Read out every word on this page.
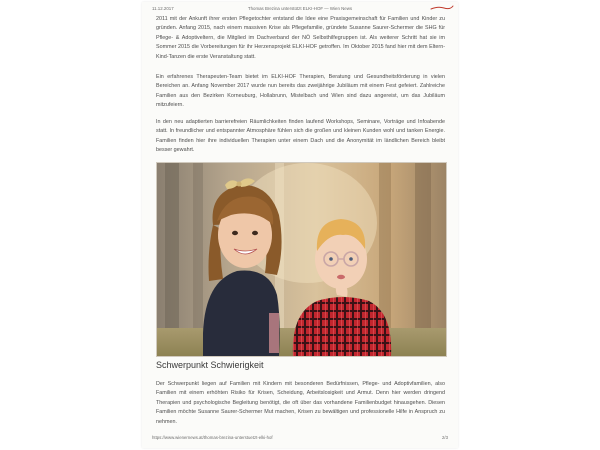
11.12.2017	Thomas Brezina unterstützt ELKI-HOF — Wien News

2011 mit der Ankunft ihrer ersten Pflegetochter entstand die Idee eine Praxisgemeinschaft für Familien und Kinder zu gründen. Anfang 2015, nach einem massiven Krise als Pflegefamilie, gründete Susanne Saurer-Schermer die SHG für Pflege- & Adoptiveltern, die Mitglied im Dachverband der NÖ Selbsthilfegruppen ist. Als weiterer Schritt hat sie im Sommer 2015 die Vorbereitungen für ihr Herzensprojekt ELKI-HOF getroffen. Im Oktober 2015 fand hier mit dem Eltern-Kind-Tanzen die erste Veranstaltung statt.

Ein erfahrenes Therapeuten-Team bietet im ELKI-HOF Therapien, Beratung und Gesundheitsförderung in vielen Bereichen an. Anfang November 2017 wurde nun bereits das zweijährige Jubiläum mit einem Fest gefeiert. Zahlreiche Familien aus den Bezirken Korneuburg, Hollabrunn, Mistelbach und Wien sind dazu angereist, um das Jubiläum mitzufeiern.

In den neu adaptierten barrierefreien Räumlichkeiten finden laufend Workshops, Seminare, Vorträge und Infoabende statt. In freundlicher und entspannter Atmosphäre fühlen sich die großen und kleinen Kunden wohl und tanken Energie. Familien finden hier ihre individuellen Therapien unter einem Dach und die Anonymität im ländlichen Bereich bleibt besser gewahrt.

Schwerpunkt Schwierigkeit

Der Schwerpunkt liegen auf Familien mit Kindern mit besonderen Bedürfnissen, Pflege- und Adoptivfamilien, also Familien mit einem erhöhten Risiko für Krisen, Scheidung, Arbeitslosigkeit und Armut. Denn hier werden dringend Therapien und psychologische Begleitung benötigt, die oft über das vorhandene Familienbudget hinausgehen. Diesen Familien möchte Susanne Saurer-Schermer Mut machen, Krisen zu bewältigen und professionelle Hilfe in Anspruch zu nehmen.

https://www.wienernews.at/thomas-brezina-unterstuetzt-elki-hof	2/3
